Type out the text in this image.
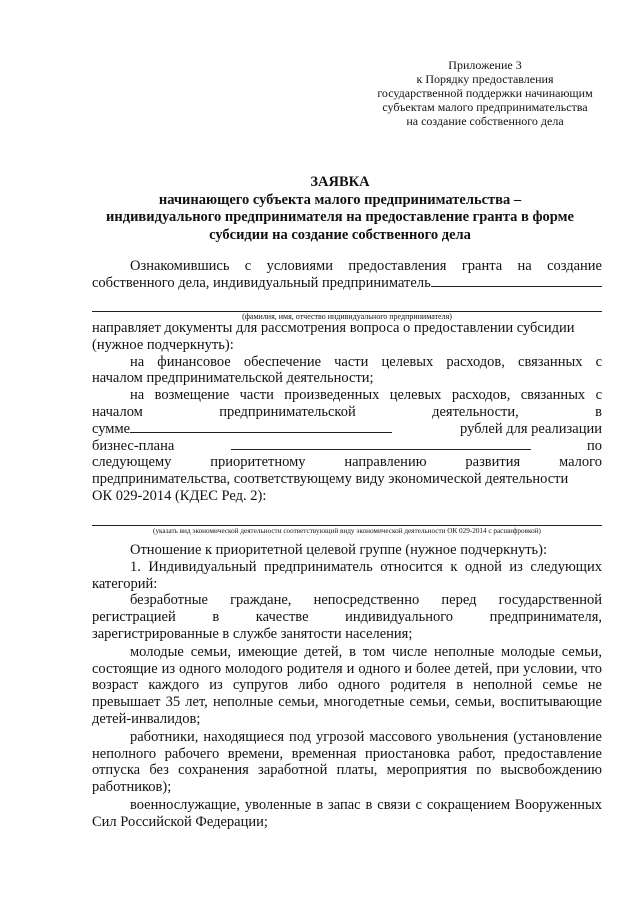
Приложение 3
к Порядку предоставления
государственной поддержки начинающим
субъектам малого предпринимательства
на создание собственного дела
ЗАЯВКА
начинающего субъекта малого предпринимательства –
индивидуального предпринимателя на предоставление гранта в форме
субсидии на создание собственного дела
Ознакомившись с условиями предоставления гранта на создание
собственного дела, индивидуальный предприниматель
(фамилия, имя, отчество индивидуального предпринимателя)
направляет документы для рассмотрения вопроса о предоставлении субсидии
(нужное подчеркнуть):
на финансовое обеспечение части целевых расходов, связанных с
началом предпринимательской деятельности;
на возмещение части произведенных целевых расходов, связанных с
началом	предпринимательской	деятельности,	в
сумме	рублей для реализации
бизнес-плана	по
следующему	приоритетному	направлению	развития	малого
предпринимательства, соответствующему виду экономической деятельности
ОК 029-2014 (КДЕС Ред. 2):
(указать вид экономической деятельности соответствующий виду экономической деятельности ОК 029-2014 с расшифровкой)
Отношение к приоритетной целевой группе (нужное подчеркнуть):
1. Индивидуальный предприниматель относится к одной из следующих
категорий:
безработные граждане, непосредственно перед государственной
регистрацией в качестве индивидуального предпринимателя,
зарегистрированные в службе занятости населения;
молодые семьи, имеющие детей, в том числе неполные молодые семьи, состоящие из одного молодого родителя и одного и более детей, при условии, что возраст каждого из супругов либо одного родителя в неполной семье не превышает 35 лет, неполные семьи, многодетные семьи, семьи, воспитывающие детей-инвалидов;
работники, находящиеся под угрозой массового увольнения (установление неполного рабочего времени, временная приостановка работ, предоставление отпуска без сохранения заработной платы, мероприятия по высвобождению работников);
военнослужащие, уволенные в запас в связи с сокращением Вооруженных Сил Российской Федерации;
